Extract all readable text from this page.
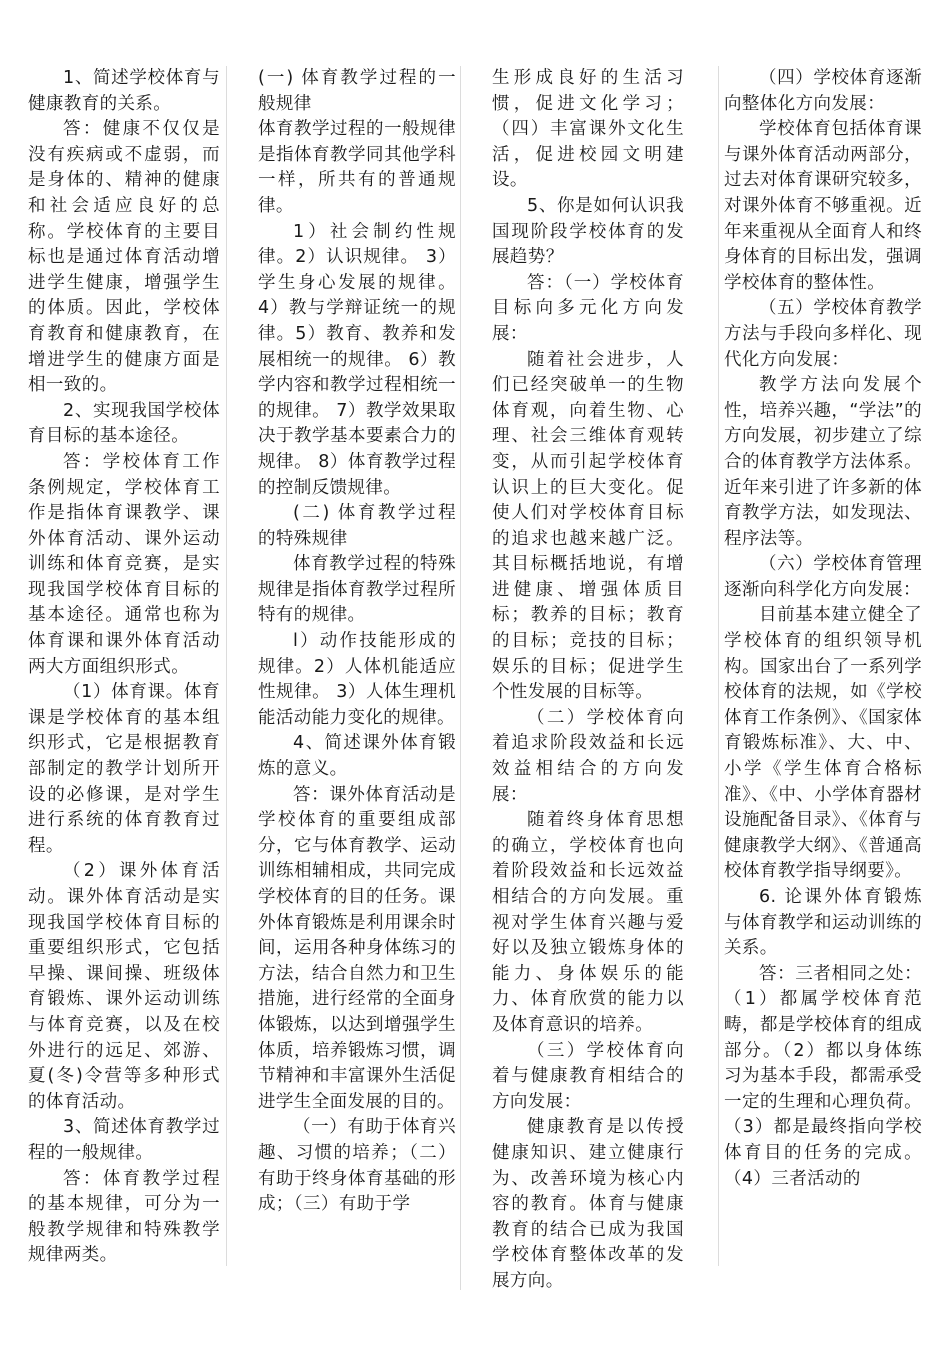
1、简述学校体育与健康教育的关系。

答：健康不仅仅是没有疾病或不虚弱，而是身体的、精神的健康和社会适应良好的总称。学校体育的主要目标也是通过体育活动增进学生健康，增强学生的体质。因此，学校体育教育和健康教育，在增进学生的健康方面是相一致的。

2、实现我国学校体育目标的基本途径。

答：学校体育工作条例规定，学校体育工作是指体育课教学、课外体育活动、课外运动训练和体育竞赛，是实现我国学校体育目标的基本途径。通常也称为体育课和课外体育活动两大方面组织形式。

（1）体育课。体育课是学校体育的基本组织形式，它是根据教育部制定的教学计划所开设的必修课，是对学生进行系统的体育教育过程。

（2）课外体育活动。课外体育活动是实现我国学校体育目标的重要组织形式，它包括早操、课间操、班级体育锻炼、课外运动训练与体育竞赛，以及在校外进行的远足、郊游、夏(冬)令营等多种形式的体育活动。

3、简述体育教学过程的一般规律。

答：体育教学过程的基本规律，可分为一般教学规律和特殊教学规律两类。

(一) 体育教学过程的一般规律

体育教学过程的一般规律是指体育教学同其他学科一样，所共有的普通规律。

1）社会制约性规律。2）认识规律。 3）学生身心发展的规律。4）教与学辩证统一的规律。5）教育、教养和发展相统一的规律。 6）教学内容和教学过程相统一的规律。 7）教学效果取决于教学基本要素合力的规律。 8）体育教学过程的控制反馈规律。

(二) 体育教学过程的特殊规律

体育教学过程的特殊规律是指体育教学过程所特有的规律。

l）动作技能形成的规律。2）人体机能适应性规律。 3）人体生理机能活动能力变化的规律。

4、简述课外体育锻炼的意义。

答：课外体育活动是学校体育的重要组成部分，它与体育教学、运动训练相辅相成，共同完成学校体育的目的任务。课外体育锻炼是利用课余时间，运用各种身体练习的方法，结合自然力和卫生措施，进行经常的全面身体锻炼，以达到增强学生体质，培养锻炼习惯，调节精神和丰富课外生活促进学生全面发展的目的。

（一）有助于体育兴趣、习惯的培养；（二）有助于终身体育基础的形成；（三）有助于学

生形成良好的生活习惯，促进文化学习；（四）丰富课外文化生活，促进校园文明建设。

5、你是如何认识我国现阶段学校体育的发展趋势？

答：（一）学校体育目标向多元化方向发展：

随着社会进步，人们已经突破单一的生物体育观，向着生物、心理、社会三维体育观转变，从而引起学校体育认识上的巨大变化。促使人们对学校体育目标的追求也越来越广泛。其目标概括地说，有增进健康、增强体质目标；教养的目标；教育的目标；竞技的目标；娱乐的目标；促进学生个性发展的目标等。

（二）学校体育向着追求阶段效益和长远效益相结合的方向发展：

随着终身体育思想的确立，学校体育也向着阶段效益和长远效益相结合的方向发展。重视对学生体育兴趣与爱好以及独立锻炼身体的能力、身体娱乐的能力、体育欣赏的能力以及体育意识的培养。

（三）学校体育向着与健康教育相结合的方向发展：

健康教育是以传授健康知识、建立健康行为、改善环境为核心内容的教育。体育与健康教育的结合已成为我国学校体育整体改革的发展方向。

（四）学校体育逐渐向整体化方向发展：

学校体育包括体育课与课外体育活动两部分，过去对体育课研究较多，对课外体育不够重视。近年来重视从全面育人和终身体育的目标出发，强调学校体育的整体性。

（五）学校体育教学方法与手段向多样化、现代化方向发展：

教学方法向发展个性，培养兴趣，“学法”的方向发展，初步建立了综合的体育教学方法体系。近年来引进了许多新的体育教学方法，如发现法、程序法等。

（六）学校体育管理逐渐向科学化方向发展：

目前基本建立健全了学校体育的组织领导机构。国家出台了一系列学校体育的法规，如《学校体育工作条例》、《国家体育锻炼标准》、大、中、小学《学生体育合格标准》、《中、小学体育器材设施配备目录》、《体育与健康教学大纲》、《普通高校体育教学指导纲要》。

6. 论课外体育锻炼与体育教学和运动训练的关系。

答：三者相同之处：（1）都属学校体育范畴，都是学校体育的组成部分。（2）都以身体练习为基本手段，都需承受一定的生理和心理负荷。（3）都是最终指向学校体育目的任务的完成。（4）三者活动的
